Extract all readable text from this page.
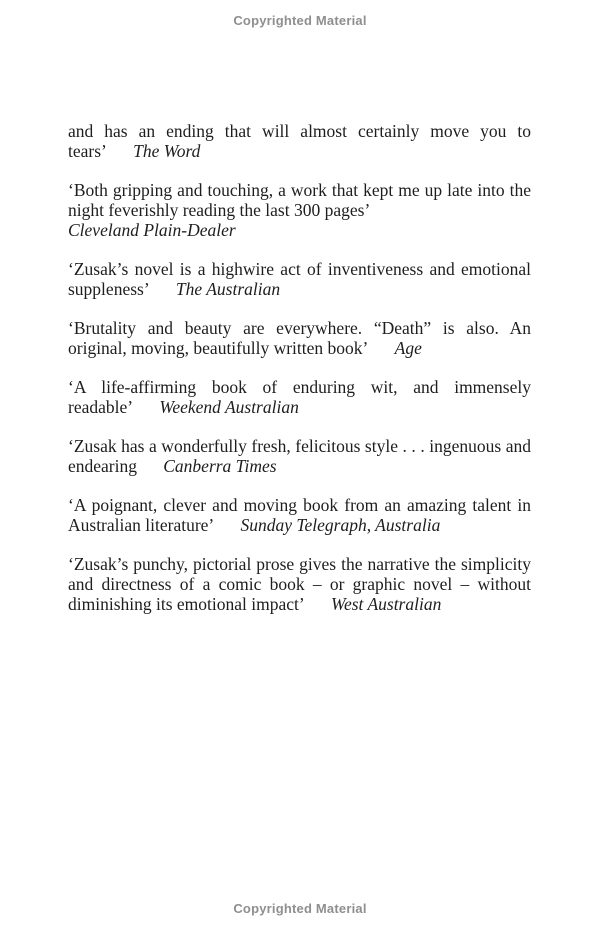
Copyrighted Material

and has an ending that will almost certainly move you to tears’ The Word

‘Both gripping and touching, a work that kept me up late into the night feverishly reading the last 300 pages’
Cleveland Plain-Dealer

‘Zusak’s novel is a highwire act of inventiveness and emotional suppleness’ The Australian

‘Brutality and beauty are everywhere. “Death” is also. An original, moving, beautifully written book’ Age

‘A life-affirming book of enduring wit, and immensely readable’ Weekend Australian

‘Zusak has a wonderfully fresh, felicitous style . . . ingenuous and endearing Canberra Times

‘A poignant, clever and moving book from an amazing talent in Australian literature’ Sunday Telegraph, Australia

‘Zusak’s punchy, pictorial prose gives the narrative the simplicity and directness of a comic book – or graphic novel – without diminishing its emotional impact’ West Australian

Copyrighted Material
